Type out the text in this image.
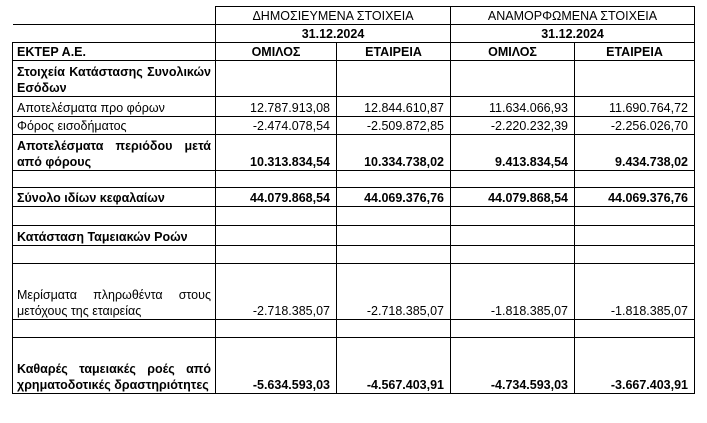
	ΔΗΜΟΣΙΕΥΜΕΝΑ ΣΤΟΙΧΕΙΑ		ΑΝΑΜΟΡΦΩΜΕΝΑ ΣΤΟΙΧΕΙΑ	
	31.12.2024		31.12.2024	
ΕΚΤΕΡ Α.Ε.	ΟΜΙΛΟΣ	ΕΤΑΙΡΕΙΑ	ΟΜΙΛΟΣ	ΕΤΑΙΡΕΙΑ
Στοιχεία Κατάστασης Συνολικών Εσόδων				
Αποτελέσματα προ φόρων	12.787.913,08	12.844.610,87	11.634.066,93	11.690.764,72
Φόρος εισοδήματος	-2.474.078,54	-2.509.872,85	-2.220.232,39	-2.256.026,70
Αποτελέσματα περιόδου μετά από φόρους	10.313.834,54	10.334.738,02	9.413.834,54	9.434.738,02

Σύνολο ιδίων κεφαλαίων	44.079.868,54	44.069.376,76	44.079.868,54	44.069.376,76

Κατάσταση Ταμειακών Ροών				

Μερίσματα πληρωθέντα στους μετόχους της εταιρείας	-2.718.385,07	-2.718.385,07	-1.818.385,07	-1.818.385,07

Καθαρές ταμειακές ροές από χρηματοδοτικές δραστηριότητες	-5.634.593,03	-4.567.403,91	-4.734.593,03	-3.667.403,91
